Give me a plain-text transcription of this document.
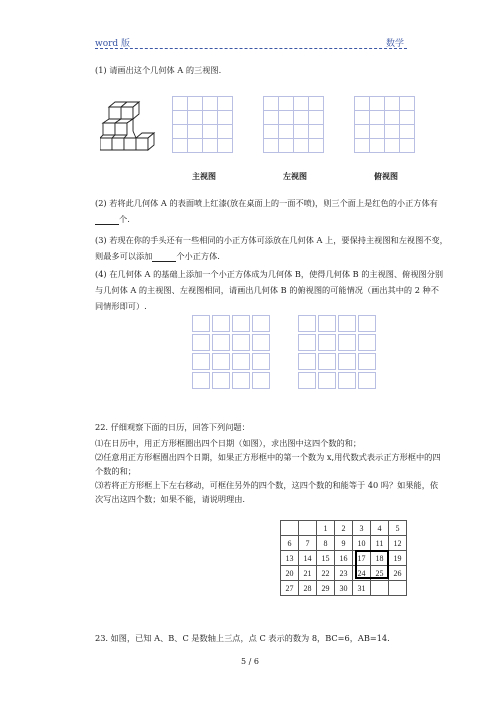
word 版	数学
(1) 请画出这个几何体 A 的三视图.

主视图	左视图	俯视图
(2) 若将此几何体 A 的表面喷上红漆(放在桌面上的一面不喷)，则三个面上是红色的小正方体有
个.
(3) 若现在你的手头还有一些相同的小正方体可添放在几何体 A 上，要保持主视图和左视图不变，
则最多可以添加	个小正方体.
(4) 在几何体 A 的基础上添加一个小正方体成为几何体 B，使得几何体 B 的主视图、俯视图分别
与几何体 A 的主视图、左视图相同，请画出几何体 B 的俯视图的可能情况（画出其中的 2 种不
同情形即可）.

22. 仔细观察下面的日历，回答下列问题：
⑴在日历中，用正方形框圈出四个日期（如图），求出图中这四个数的和；
⑵任意用正方形框圈出四个日期，如果正方形框中的第一个数为 x,用代数式表示正方形框中的四
个数的和；
⑶若将正方形框上下左右移动，可框住另外的四个数，这四个数的和能等于 40 吗？如果能，依
次写出这四个数；如果不能，请说明理由.
		1	2	3	4	5
6	7	8	9	10	11	12
13	14	15	16	17	18	19
20	21	22	23	24	25	26
27	28	29	30	31		
23. 如图，已知 A、B、C 是数轴上三点，点 C 表示的数为 8，BC=6，AB=14.
5 / 6
